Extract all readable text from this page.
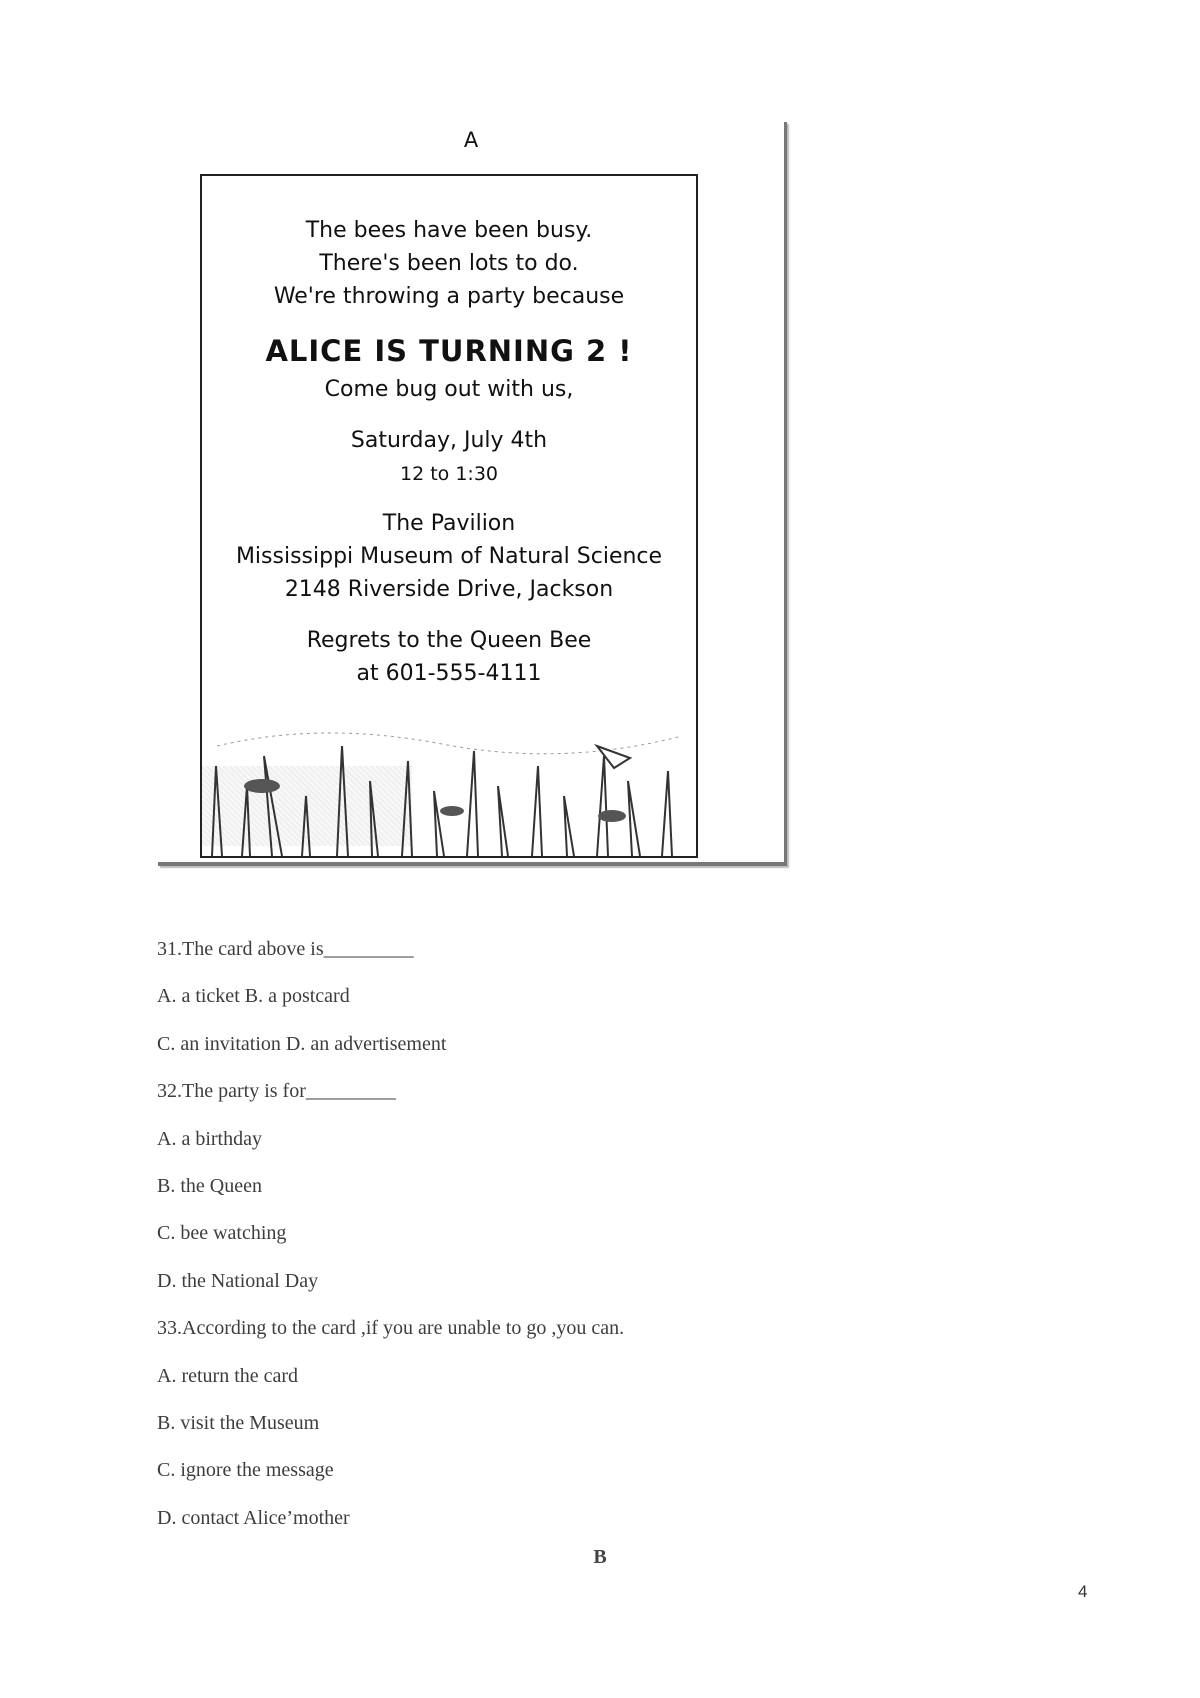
A
The bees have been busy.
There's been lots to do.
We're throwing a party because
ALICE IS TURNING 2 !
Come bug out with us,
Saturday, July 4th
12 to 1:30
The Pavilion
Mississippi Museum of Natural Science
2148 Riverside Drive, Jackson
Regrets to the Queen Bee
at 601-555-4111
31.The card above is_________
A. a ticket B. a postcard
C. an invitation D. an advertisement
32.The party is for_________
A. a birthday
B. the Queen
C. bee watching
D. the National Day
33.According to the card ,if you are unable to go ,you can.
A. return the card
B. visit the Museum
C. ignore the message
D. contact Alice’mother
B
4
